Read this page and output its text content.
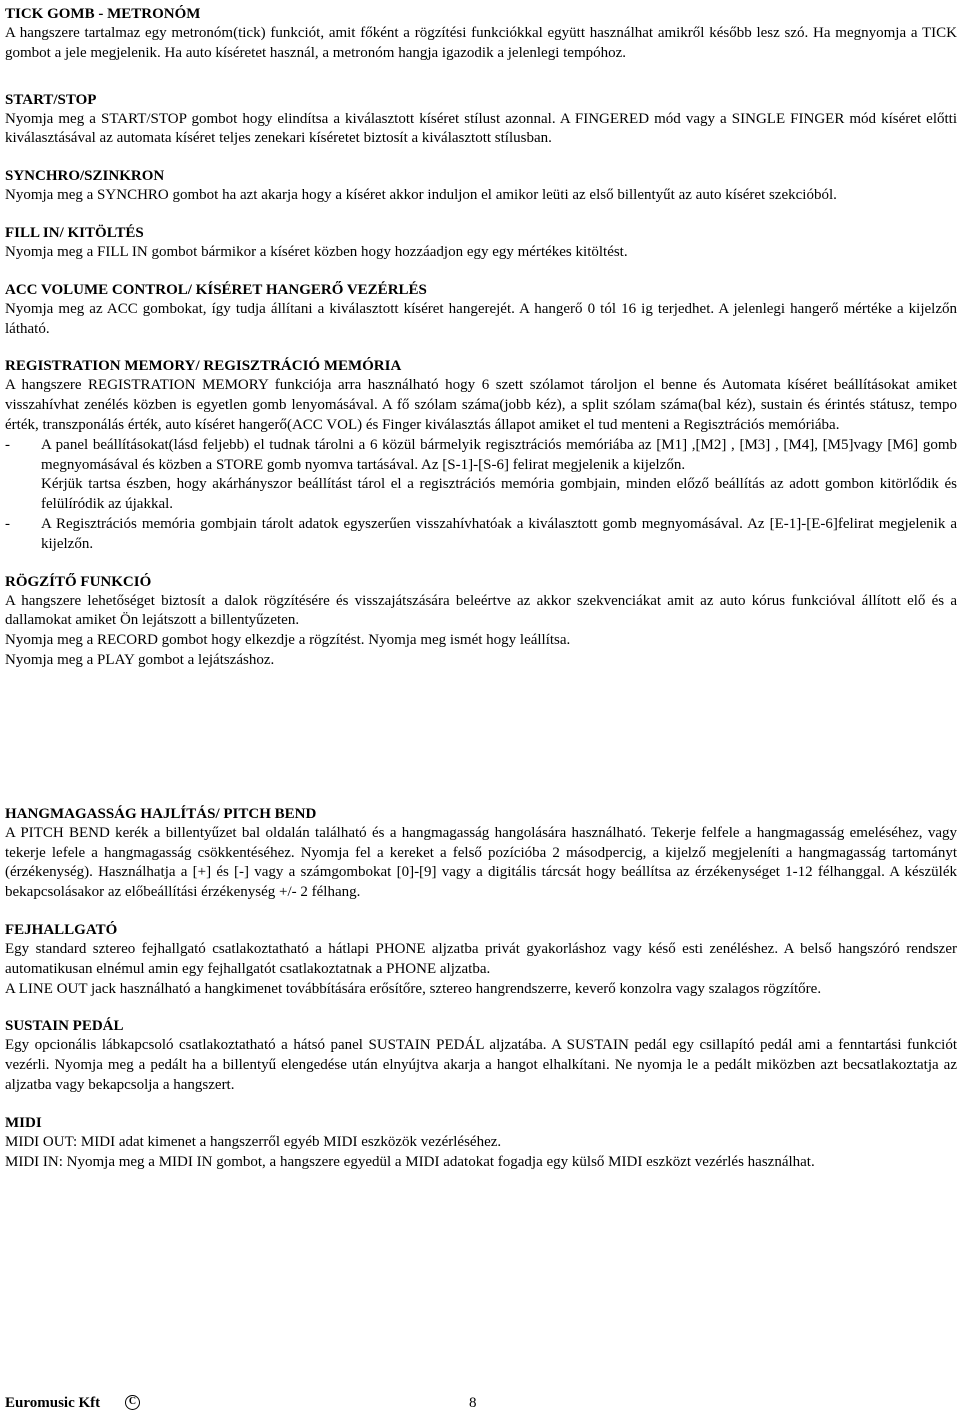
TICK GOMB - METRONÓM
A hangszere tartalmaz egy metronóm(tick) funkciót, amit főként a rögzítési funkciókkal együtt használhat amikről később lesz szó. Ha megnyomja a TICK gombot a jele megjelenik. Ha auto kíséretet használ, a metronóm hangja igazodik a jelenlegi tempóhoz.
START/STOP
Nyomja meg a START/STOP gombot hogy elindítsa a kiválasztott kíséret stílust azonnal. A FINGERED mód vagy a SINGLE FINGER mód kíséret előtti kiválasztásával az automata kíséret teljes zenekari kíséretet biztosít a kiválasztott stílusban.
SYNCHRO/SZINKRON
Nyomja meg a SYNCHRO gombot ha azt akarja hogy a kíséret akkor induljon el amikor leüti az első billentyűt az auto kíséret szekcióból.
FILL IN/ KITÖLTÉS
Nyomja meg a FILL IN gombot bármikor a kíséret közben hogy hozzáadjon egy egy mértékes kitöltést.
ACC VOLUME CONTROL/ KÍSÉRET HANGERŐ VEZÉRLÉS
Nyomja meg az ACC gombokat, így tudja állítani a kiválasztott kíséret hangerejét. A hangerő 0 tól 16 ig terjedhet. A jelenlegi hangerő mértéke a kijelzőn látható.
REGISTRATION MEMORY/ REGISZTRÁCIÓ MEMÓRIA
A hangszere REGISTRATION MEMORY funkciója arra használható hogy 6 szett szólamot tároljon el benne és Automata kíséret beállításokat amiket visszahívhat zenélés közben is egyetlen gomb lenyomásával. A fő szólam száma(jobb kéz), a split szólam száma(bal kéz), sustain és érintés státusz, tempo érték, transzponálás érték, auto kíséret hangerő(ACC VOL) és Finger kiválasztás állapot amiket el tud menteni a Regisztrációs memóriába.
-	A panel beállításokat(lásd feljebb) el tudnak tárolni a 6 közül bármelyik regisztrációs memóriába az [M1] ,[M2] , [M3] , [M4], [M5]vagy [M6] gomb megnyomásával és közben a STORE gomb nyomva tartásával. Az [S-1]-[S-6] felirat megjelenik a kijelzőn.
Kérjük tartsa észben, hogy akárhányszor beállítást tárol el a regisztrációs memória gombjain, minden előző beállítás az adott gombon kitörlődik és felülíródik az újakkal.
-	A Regisztrációs memória gombjain tárolt adatok egyszerűen visszahívhatóak a kiválasztott gomb megnyomásával. Az [E-1]-[E-6]felirat megjelenik a kijelzőn.
RÖGZÍTŐ FUNKCIÓ
A hangszere lehetőséget biztosít a dalok rögzítésére és visszajátszására beleértve az akkor szekvenciákat amit az auto kórus funkcióval állított elő és a dallamokat amiket Ön lejátszott a billentyűzeten.
Nyomja meg a RECORD gombot hogy elkezdje a rögzítést. Nyomja meg ismét hogy leállítsa.
Nyomja meg a PLAY gombot a lejátszáshoz.
HANGMAGASSÁG HAJLÍTÁS/ PITCH BEND
A PITCH BEND kerék a billentyűzet bal oldalán található és a hangmagasság hangolására használható. Tekerje felfele a hangmagasság emeléséhez, vagy tekerje lefele a hangmagasság csökkentéséhez. Nyomja fel a kereket a felső pozícióba 2 másodpercig, a kijelző megjeleníti a hangmagasság tartományt (érzékenység). Használhatja a [+] és [-] vagy a számgombokat [0]-[9] vagy a digitális tárcsát hogy beállítsa az érzékenységet 1-12 félhanggal. A készülék bekapcsolásakor az előbeállítási érzékenység +/- 2 félhang.
FEJHALLGATÓ
Egy standard sztereo fejhallgató csatlakoztatható a hátlapi PHONE aljzatba privát gyakorláshoz vagy késő esti zenéléshez. A belső hangszóró rendszer automatikusan elnémul amin egy fejhallgatót csatlakoztatnak a PHONE aljzatba.
A LINE OUT jack használható a hangkimenet továbbítására erősítőre, sztereo hangrendszerre, keverő konzolra vagy szalagos rögzítőre.
SUSTAIN PEDÁL
Egy opcionális lábkapcsoló csatlakoztatható a hátsó panel SUSTAIN PEDÁL aljzatába. A SUSTAIN pedál egy csillapító pedál ami a fenntartási funkciót vezérli. Nyomja meg a pedált ha a billentyű elengedése után elnyújtva akarja a hangot elhalkítani. Ne nyomja le a pedált miközben azt becsatlakoztatja az aljzatba vagy bekapcsolja a hangszert.
MIDI
MIDI OUT: MIDI adat kimenet a hangszerről egyéb MIDI eszközök vezérléséhez.
MIDI IN: Nyomja meg a MIDI IN gombot, a hangszere egyedül a MIDI adatokat fogadja egy külső MIDI eszközt vezérlés használhat.
Euromusic Kft	C	8
